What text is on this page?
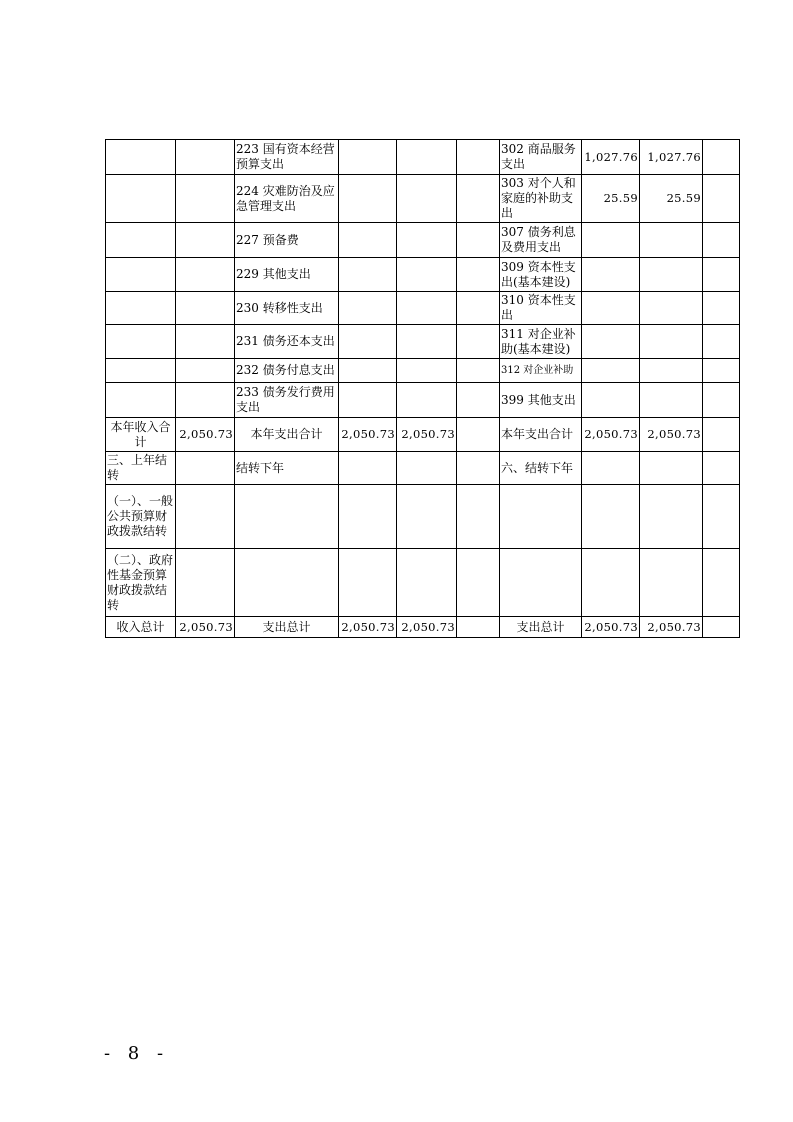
		223 国有资本经营预算支出				302 商品服务支出	1,027.76	1,027.76	
		224 灾难防治及应急管理支出				303 对个人和家庭的补助支出	25.59	25.59	
		227 预备费				307 债务利息及费用支出			
		229 其他支出				309 资本性支出(基本建设)			
		230 转移性支出				310 资本性支出			
		231 债务还本支出				311 对企业补助(基本建设)			
		232 债务付息支出				312 对企业补助			
		233 债务发行费用支出				399 其他支出			
本年收入合计	2,050.73	本年支出合计	2,050.73	2,050.73		本年支出合计	2,050.73	2,050.73	
三、上年结转		结转下年				六、结转下年			
（一）、一般公共预算财政拨款结转									
（二）、政府性基金预算财政拨款结转									
收入总计	2,050.73	支出总计	2,050.73	2,050.73		支出总计	2,050.73	2,050.73	
- 8 -
